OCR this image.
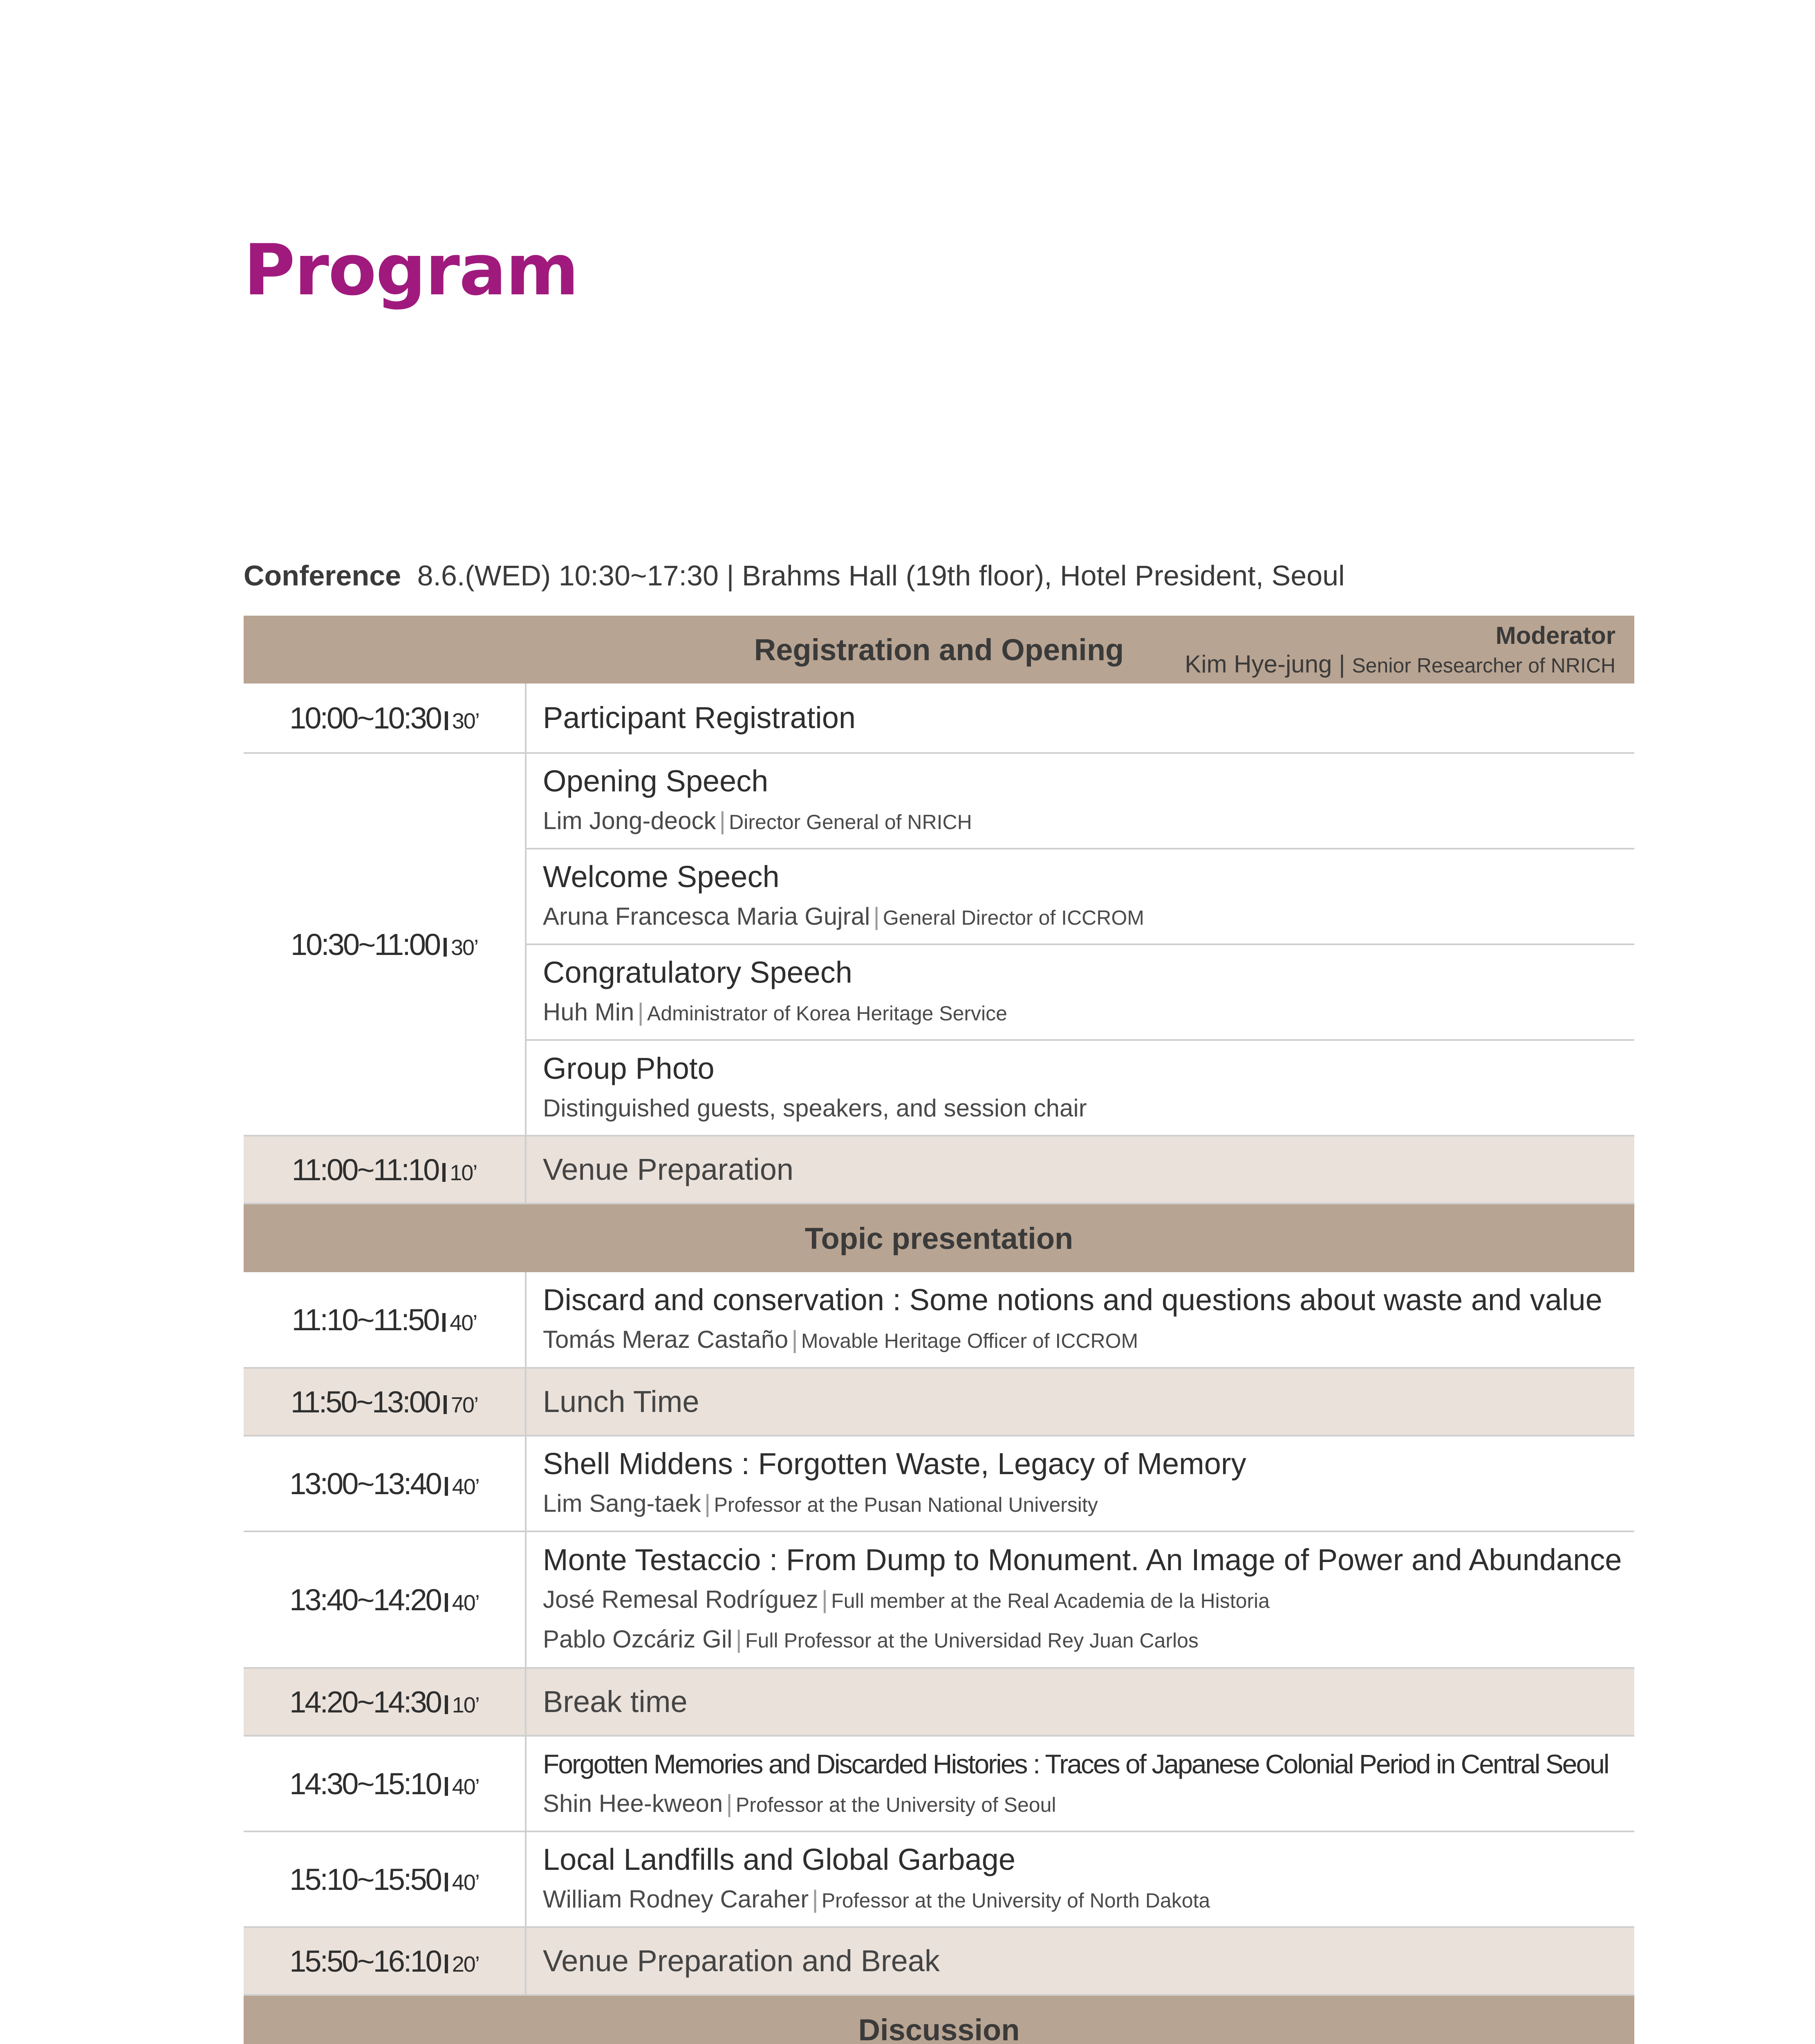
Program
Conference 8.6.(WED) 10:30~17:30 | Brahms Hall (19th floor), Hotel President, Seoul
Registration and Opening Moderator
Kim Hye-jung | Senior Researcher of NRICH	

10:00~10:30 30’	Participant Registration

10:30~11:00 30’	Opening Speech
Lim Jong-deock | Director General of NRICH

	Welcome Speech
Aruna Francesca Maria Gujral | General Director of ICCROM

	Congratulatory Speech
Huh Min | Administrator of Korea Heritage Service

	Group Photo
Distinguished guests, speakers, and session chair

11:00~11:10 10’	Venue Preparation

Topic presentation	
11:10~11:50 40’	Discard and conservation : Some notions and questions about waste and value
Tomás Meraz Castaño | Movable Heritage Officer of ICCROM

11:50~13:00 70’	Lunch Time

13:00~13:40 40’	Shell Middens : Forgotten Waste, Legacy of Memory
Lim Sang-taek | Professor at the Pusan National University

13:40~14:20 40’	Monte Testaccio : From Dump to Monument. An Image of Power and Abundance
José Remesal Rodríguez | Full member at the Real Academia de la Historia
Pablo Ozcáriz Gil | Full Professor at the Universidad Rey Juan Carlos

14:20~14:30 10’	Break time

14:30~15:10 40’	Forgotten Memories and Discarded Histories : Traces of Japanese Colonial Period in Central Seoul
Shin Hee-kweon | Professor at the University of Seoul

15:10~15:50 40’	Local Landfills and Global Garbage
William Rodney Caraher | Professor at the University of North Dakota

15:50~16:10 20’	Venue Preparation and Break

Discussion	
